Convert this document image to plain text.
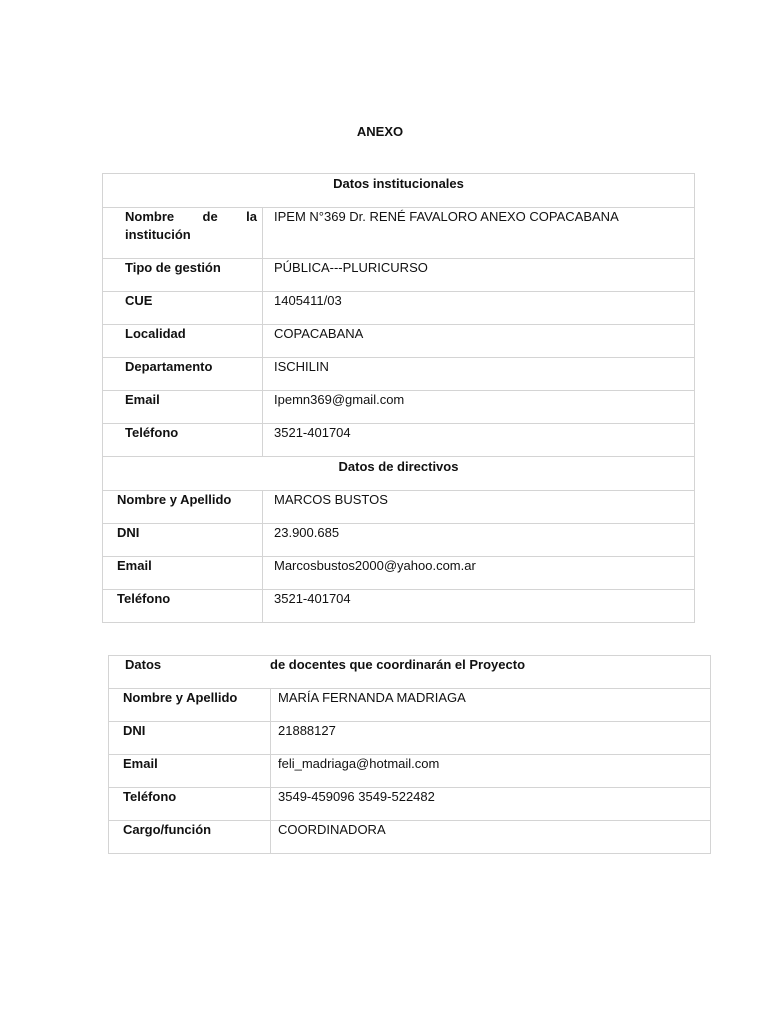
ANEXO
Datos institucionales	

Nombre de la
institución	IPEM N°369 Dr. RENÉ FAVALORO ANEXO COPACABANA
Tipo de gestión	PÚBLICA---PLURICURSO
CUE	1405411/03
Localidad	COPACABANA
Departamento	ISCHILIN
Email	Ipemn369@gmail.com
Teléfono	3521-401704
Datos de directivos	
Nombre y Apellido	MARCOS BUSTOS
DNI	23.900.685
Email	Marcosbustos2000@yahoo.com.ar
Teléfono	3521-401704
Datos de docentes que coordinarán el Proyecto	
Nombre y Apellido	MARÍA FERNANDA MADRIAGA
DNI	21888127
Email	feli_madriaga@hotmail.com
Teléfono	3549-459096 3549-522482
Cargo/función	COORDINADORA
